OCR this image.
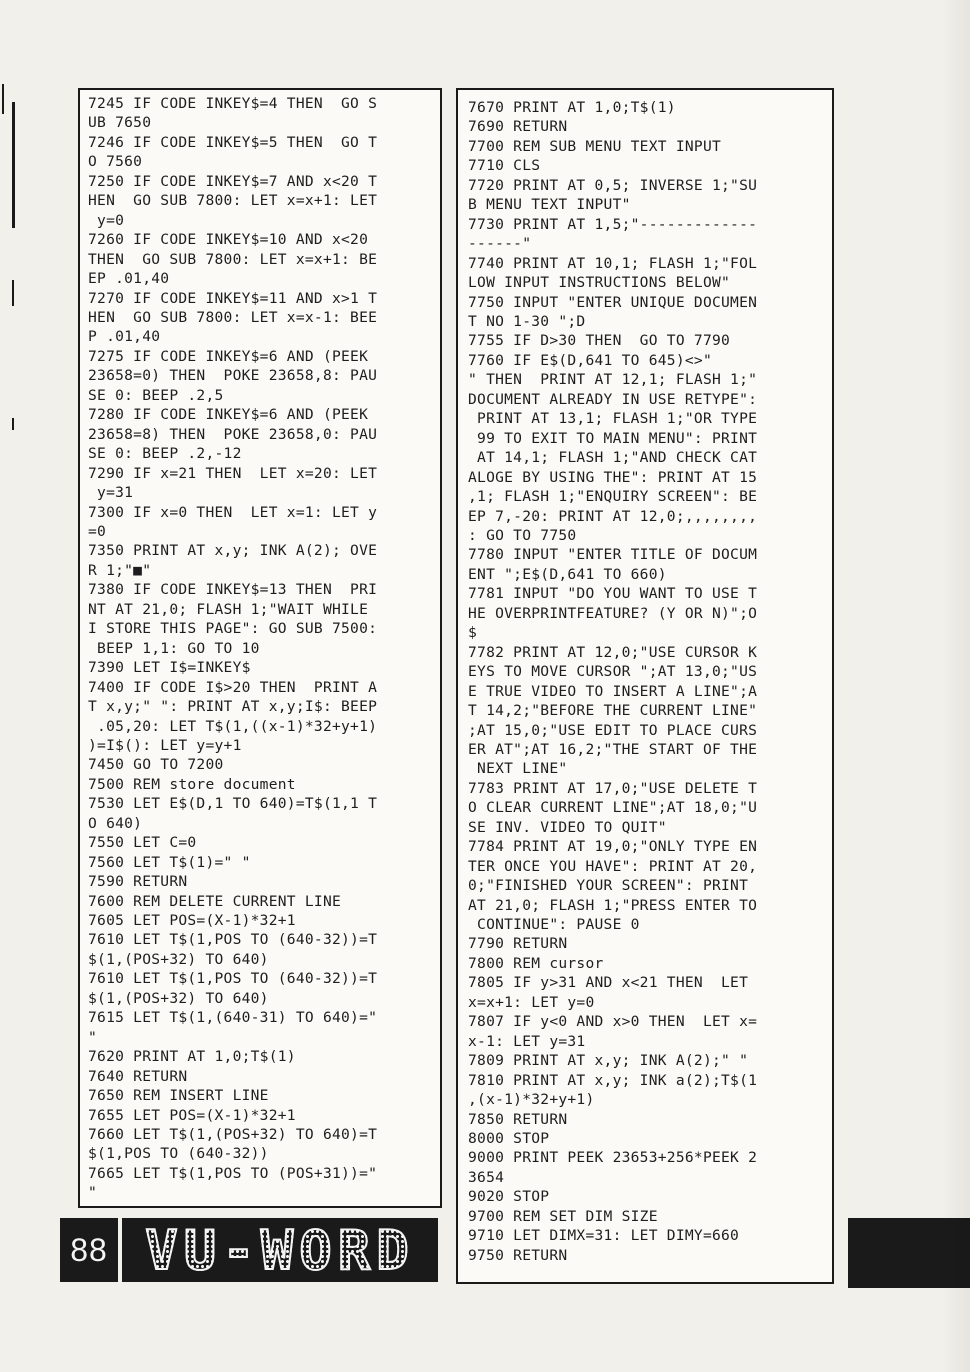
7245 IF CODE INKEY$=4 THEN  GO S
UB 7650
7246 IF CODE INKEY$=5 THEN  GO T
O 7560
7250 IF CODE INKEY$=7 AND x<20 T
HEN  GO SUB 7800: LET x=x+1: LET
y=0
7260 IF CODE INKEY$=10 AND x<20
THEN  GO SUB 7800: LET x=x+1: BE
EP .01,40
7270 IF CODE INKEY$=11 AND x>1 T
HEN  GO SUB 7800: LET x=x-1: BEE
P .01,40
7275 IF CODE INKEY$=6 AND (PEEK
23658=0) THEN  POKE 23658,8: PAU
SE 0: BEEP .2,5
7280 IF CODE INKEY$=6 AND (PEEK
23658=8) THEN  POKE 23658,0: PAU
SE 0: BEEP .2,-12
7290 IF x=21 THEN  LET x=20: LET
y=31
7300 IF x=0 THEN  LET x=1: LET y
=0
7350 PRINT AT x,y; INK A(2); OVE
R 1;"■"
7380 IF CODE INKEY$=13 THEN  PRI
NT AT 21,0; FLASH 1;"WAIT WHILE
I STORE THIS PAGE": GO SUB 7500:
BEEP 1,1: GO TO 10
7390 LET I$=INKEY$
7400 IF CODE I$>20 THEN  PRINT A
T x,y;" ": PRINT AT x,y;I$: BEEP
.05,20: LET T$(1,((x-1)*32+y+1)
)=I$(): LET y=y+1
7450 GO TO 7200
7500 REM store document
7530 LET E$(D,1 TO 640)=T$(1,1 T
O 640)
7550 LET C=0
7560 LET T$(1)=" "
7590 RETURN
7600 REM DELETE CURRENT LINE
7605 LET POS=(X-1)*32+1
7610 LET T$(1,POS TO (640-32))=T
$(1,(POS+32) TO 640)
7610 LET T$(1,POS TO (640-32))=T
$(1,(POS+32) TO 640)
7615 LET T$(1,(640-31) TO 640)="
"
7620 PRINT AT 1,0;T$(1)
7640 RETURN
7650 REM INSERT LINE
7655 LET POS=(X-1)*32+1
7660 LET T$(1,(POS+32) TO 640)=T
$(1,POS TO (640-32))
7665 LET T$(1,POS TO (POS+31))="
"
7670 PRINT AT 1,0;T$(1)
7690 RETURN
7700 REM SUB MENU TEXT INPUT
7710 CLS
7720 PRINT AT 0,5; INVERSE 1;"SU
B MENU TEXT INPUT"
7730 PRINT AT 1,5;"-------------
------"
7740 PRINT AT 10,1; FLASH 1;"FOL
LOW INPUT INSTRUCTIONS BELOW"
7750 INPUT "ENTER UNIQUE DOCUMEN
T NO 1-30 ";D
7755 IF D>30 THEN  GO TO 7790
7760 IF E$(D,641 TO 645)<>"
" THEN  PRINT AT 12,1; FLASH 1;"
DOCUMENT ALREADY IN USE RETYPE":
PRINT AT 13,1; FLASH 1;"OR TYPE
99 TO EXIT TO MAIN MENU": PRINT
AT 14,1; FLASH 1;"AND CHECK CAT
ALOGE BY USING THE": PRINT AT 15
,1; FLASH 1;"ENQUIRY SCREEN": BE
EP 7,-20: PRINT AT 12,0;,,,,,,,,
: GO TO 7750
7780 INPUT "ENTER TITLE OF DOCUM
ENT ";E$(D,641 TO 660)
7781 INPUT "DO YOU WANT TO USE T
HE OVERPRINTFEATURE? (Y OR N)";O
$
7782 PRINT AT 12,0;"USE CURSOR K
EYS TO MOVE CURSOR ";AT 13,0;"US
E TRUE VIDEO TO INSERT A LINE";A
T 14,2;"BEFORE THE CURRENT LINE"
;AT 15,0;"USE EDIT TO PLACE CURS
ER AT";AT 16,2;"THE START OF THE
NEXT LINE"
7783 PRINT AT 17,0;"USE DELETE T
O CLEAR CURRENT LINE";AT 18,0;"U
SE INV. VIDEO TO QUIT"
7784 PRINT AT 19,0;"ONLY TYPE EN
TER ONCE YOU HAVE": PRINT AT 20,
0;"FINISHED YOUR SCREEN": PRINT
AT 21,0; FLASH 1;"PRESS ENTER TO
CONTINUE": PAUSE 0
7790 RETURN
7800 REM cursor
7805 IF y>31 AND x<21 THEN  LET
x=x+1: LET y=0
7807 IF y<0 AND x>0 THEN  LET x=
x-1: LET y=31
7809 PRINT AT x,y; INK A(2);" "
7810 PRINT AT x,y; INK a(2);T$(1
,(x-1)*32+y+1)
7850 RETURN
8000 STOP
9000 PRINT PEEK 23653+256*PEEK 2
3654
9020 STOP
9700 REM SET DIM SIZE
9710 LET DIMX=31: LET DIMY=660
9750 RETURN
88 VU-WORD
